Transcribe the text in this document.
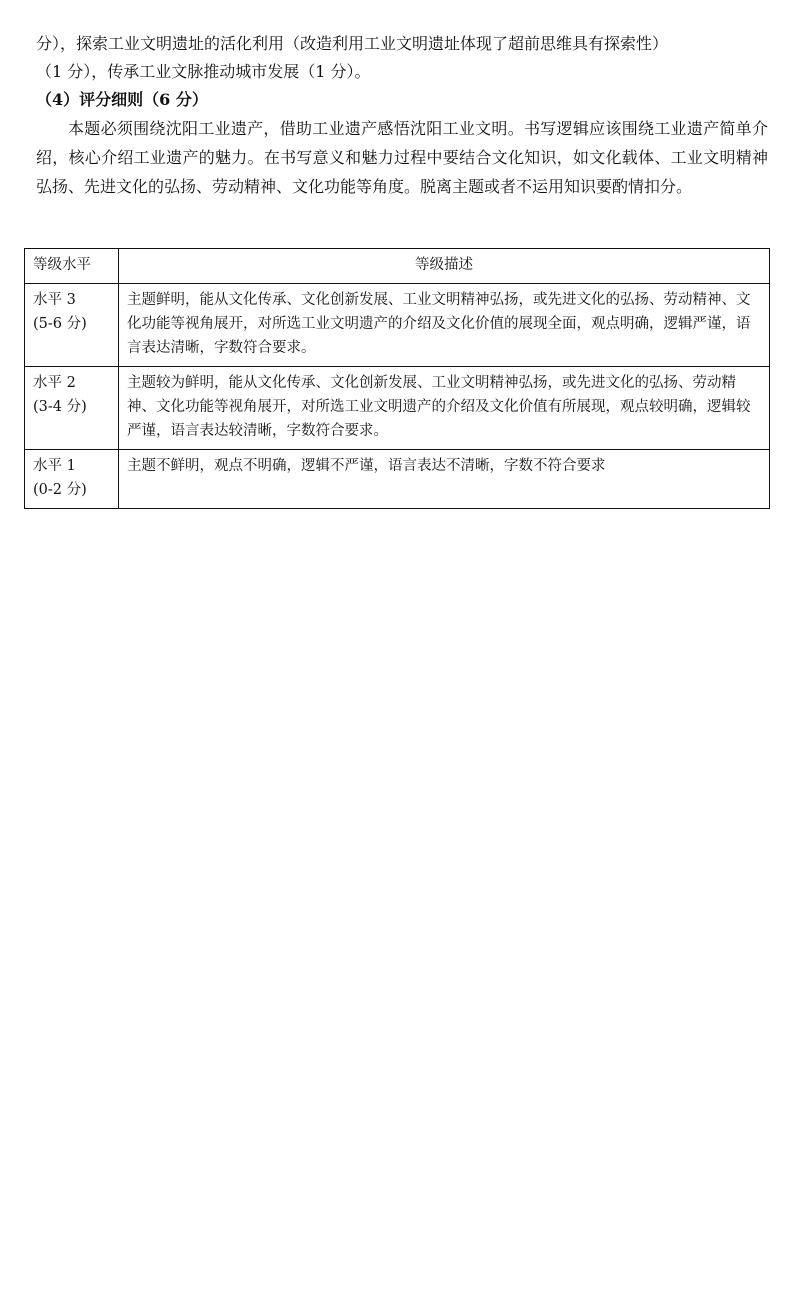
分），探索工业文明遗址的活化利用（改造利用工业文明遗址体现了超前思维具有探索性）
（1 分），传承工业文脉推动城市发展（1 分）。
（4）评分细则（6 分）
本题必须围绕沈阳工业遗产，借助工业遗产感悟沈阳工业文明。书写逻辑应该围绕工业遗产简单介绍，核心介绍工业遗产的魅力。在书写意义和魅力过程中要结合文化知识，如文化载体、工业文明精神弘扬、先进文化的弘扬、劳动精神、文化功能等角度。脱离主题或者不运用知识要酌情扣分。
等级水平	等级描述

水平 3
(5-6 分)	主题鲜明，能从文化传承、文化创新发展、工业文明精神弘扬，或先进文化的弘扬、劳动精神、文化功能等视角展开，对所选工业文明遗产的介绍及文化价值的展现全面，观点明确，逻辑严谨，语言表达清晰，字数符合要求。

水平 2
(3-4 分)	主题较为鲜明，能从文化传承、文化创新发展、工业文明精神弘扬，或先进文化的弘扬、劳动精神、文化功能等视角展开，对所选工业文明遗产的介绍及文化价值有所展现，观点较明确，逻辑较严谨，语言表达较清晰，字数符合要求。

水平 1
(0-2 分)	主题不鲜明，观点不明确，逻辑不严谨，语言表达不清晰，字数不符合要求
